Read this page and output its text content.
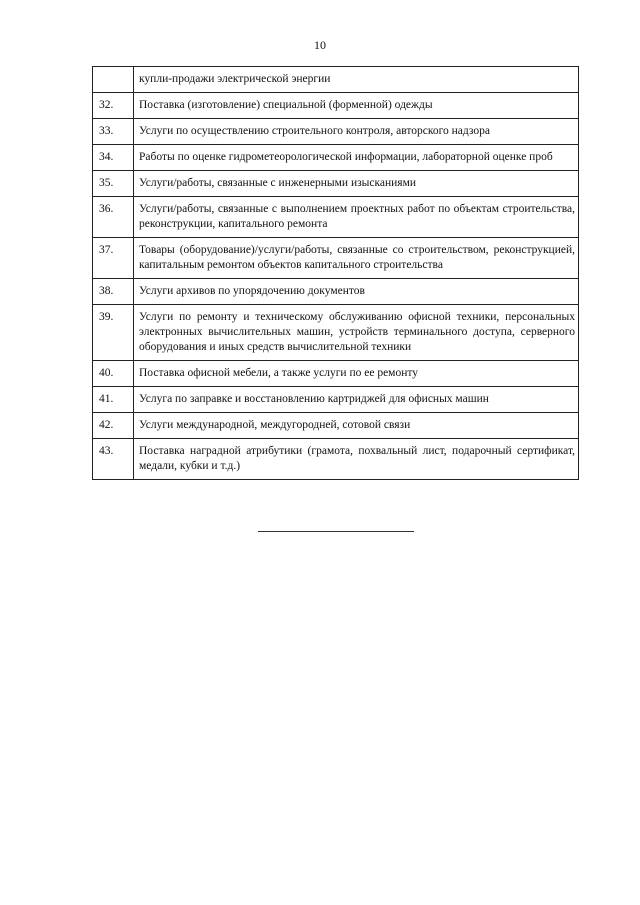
10
	купли-продажи электрической энергии
32.	Поставка (изготовление) специальной (форменной) одежды
33.	Услуги по осуществлению строительного контроля, авторского надзора
34.	Работы по оценке гидрометеорологической информации, лабораторной оценке проб
35.	Услуги/работы, связанные с инженерными изысканиями
36.	Услуги/работы, связанные с выполнением проектных работ по объектам строительства, реконструкции, капитального ремонта
37.	Товары (оборудование)/услуги/работы, связанные со строительством, реконструкцией, капитальным ремонтом объектов капитального строительства
38.	Услуги архивов по упорядочению документов
39.	Услуги по ремонту и техническому обслуживанию офисной техники, персональных электронных вычислительных машин, устройств терминального доступа, серверного оборудования и иных средств вычислительной техники
40.	Поставка офисной мебели, а также услуги по ее ремонту
41.	Услуга по заправке и восстановлению картриджей для офисных машин
42.	Услуги международной, междугородней, сотовой связи
43.	Поставка наградной атрибутики (грамота, похвальный лист, подарочный сертификат, медали, кубки и т.д.)
